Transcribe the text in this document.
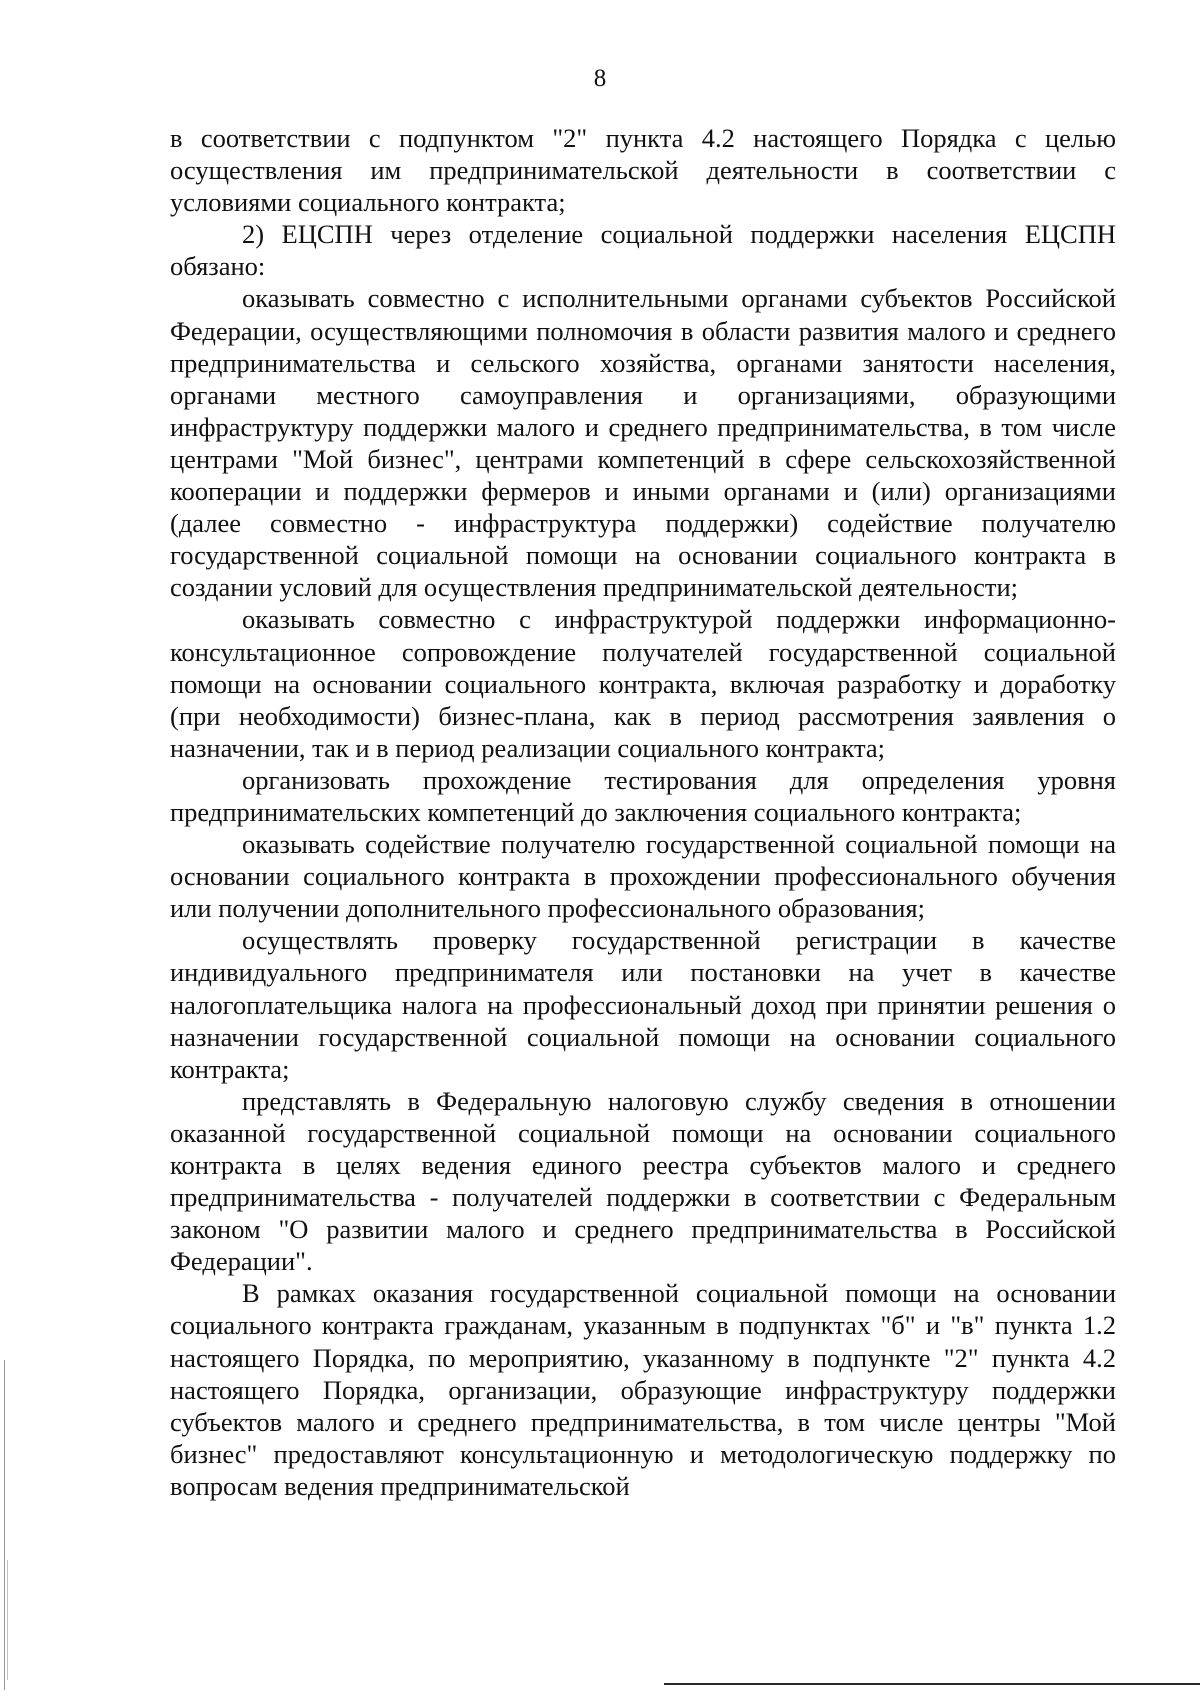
8

в соответствии с подпунктом "2" пункта 4.2 настоящего Порядка с целью осуществления им предпринимательской деятельности в соответствии с условиями социального контракта;

2) ЕЦСПН через отделение социальной поддержки населения ЕЦСПН обязано:

оказывать совместно с исполнительными органами субъектов Российской Федерации, осуществляющими полномочия в области развития малого и среднего предпринимательства и сельского хозяйства, органами занятости населения, органами местного самоуправления и организациями, образующими инфраструктуру поддержки малого и среднего предпринимательства, в том числе центрами "Мой бизнес", центрами компетенций в сфере сельскохозяйственной кооперации и поддержки фермеров и иными органами и (или) организациями (далее совместно - инфраструктура поддержки) содействие получателю государственной социальной помощи на основании социального контракта в создании условий для осуществления предпринимательской деятельности;

оказывать совместно с инфраструктурой поддержки информационно-консультационное сопровождение получателей государственной социальной помощи на основании социального контракта, включая разработку и доработку (при необходимости) бизнес-плана, как в период рассмотрения заявления о назначении, так и в период реализации социального контракта;

организовать прохождение тестирования для определения уровня предпринимательских компетенций до заключения социального контракта;

оказывать содействие получателю государственной социальной помощи на основании социального контракта в прохождении профессионального обучения или получении дополнительного профессионального образования;

осуществлять проверку государственной регистрации в качестве индивидуального предпринимателя или постановки на учет в качестве налогоплательщика налога на профессиональный доход при принятии решения о назначении государственной социальной помощи на основании социального контракта;

представлять в Федеральную налоговую службу сведения в отношении оказанной государственной социальной помощи на основании социального контракта в целях ведения единого реестра субъектов малого и среднего предпринимательства - получателей поддержки в соответствии с Федеральным законом "О развитии малого и среднего предпринимательства в Российской Федерации".

В рамках оказания государственной социальной помощи на основании социального контракта гражданам, указанным в подпунктах "б" и "в" пункта 1.2 настоящего Порядка, по мероприятию, указанному в подпункте "2" пункта 4.2 настоящего Порядка, организации, образующие инфраструктуру поддержки субъектов малого и среднего предпринимательства, в том числе центры "Мой бизнес" предоставляют консультационную и методологическую поддержку по вопросам ведения предпринимательской
